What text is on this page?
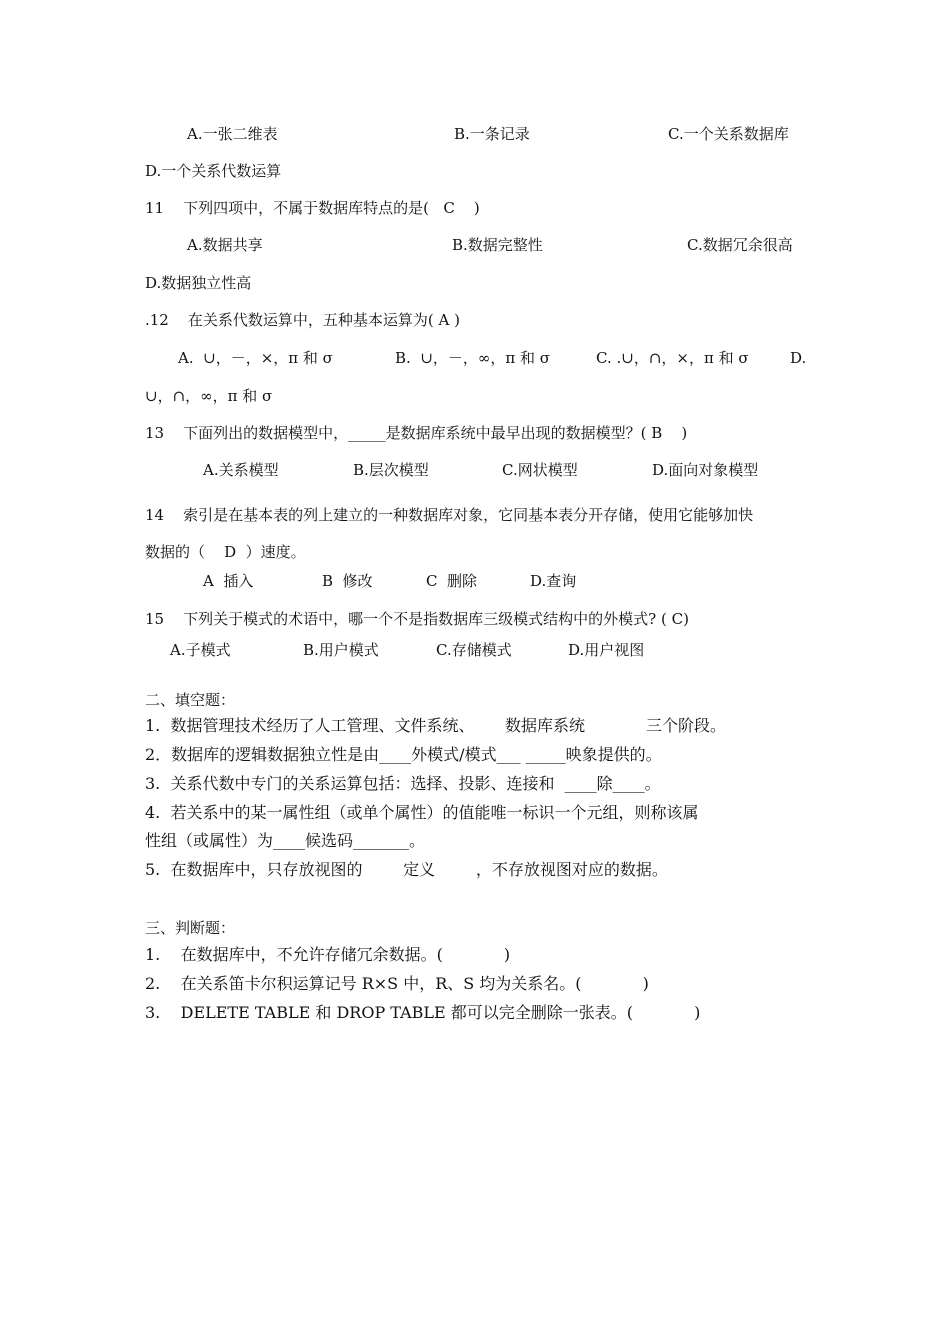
A.一张二维表	B.一条记录	C.一个关系数据库
D.一个关系代数运算
11    下列四项中，不属于数据库特点的是(   C    )
A.数据共享	B.数据完整性	C.数据冗余很高
D.数据独立性高
.12    在关系代数运算中，五种基本运算为( A )
A.  ∪，－，×，π 和 σ	B.  ∪，－，∞，π 和 σ	C. .∪，∩，×，π 和 σ	D.
∪，∩，∞，π 和 σ
13    下面列出的数据模型中，_____是数据库系统中最早出现的数据模型？( B    )
A.关系模型	B.层次模型	C.网状模型	D.面向对象模型
14    索引是在基本表的列上建立的一种数据库对象，它同基本表分开存储，使用它能够加快
数据的（    D  ）速度。
A  插入	B  修改	C  删除	D.查询
15    下列关于模式的术语中，哪一个不是指数据库三级模式结构中的外模式? ( C)
A.子模式	B.用户模式	C.存储模式	D.用户视图
二、填空题：
1.  数据管理技术经历了人工管理、文件系统、      数据库系统            三个阶段。
2．数据库的逻辑数据独立性是由____外模式/模式___ _____映象提供的。
3.  关系代数中专门的关系运算包括：选择、投影、连接和  ____除____。
4.  若关系中的某一属性组（或单个属性）的值能唯一标识一个元组，则称该属
性组（或属性）为____候选码_______。
5.  在数据库中，只存放视图的        定义        ，不存放视图对应的数据。
三、判断题：
1.    在数据库中，不允许存储冗余数据。(            )
2.    在关系笛卡尔积运算记号 R×S 中，R、S 均为关系名。(            )
3.    DELETE TABLE 和 DROP TABLE 都可以完全删除一张表。(            )
